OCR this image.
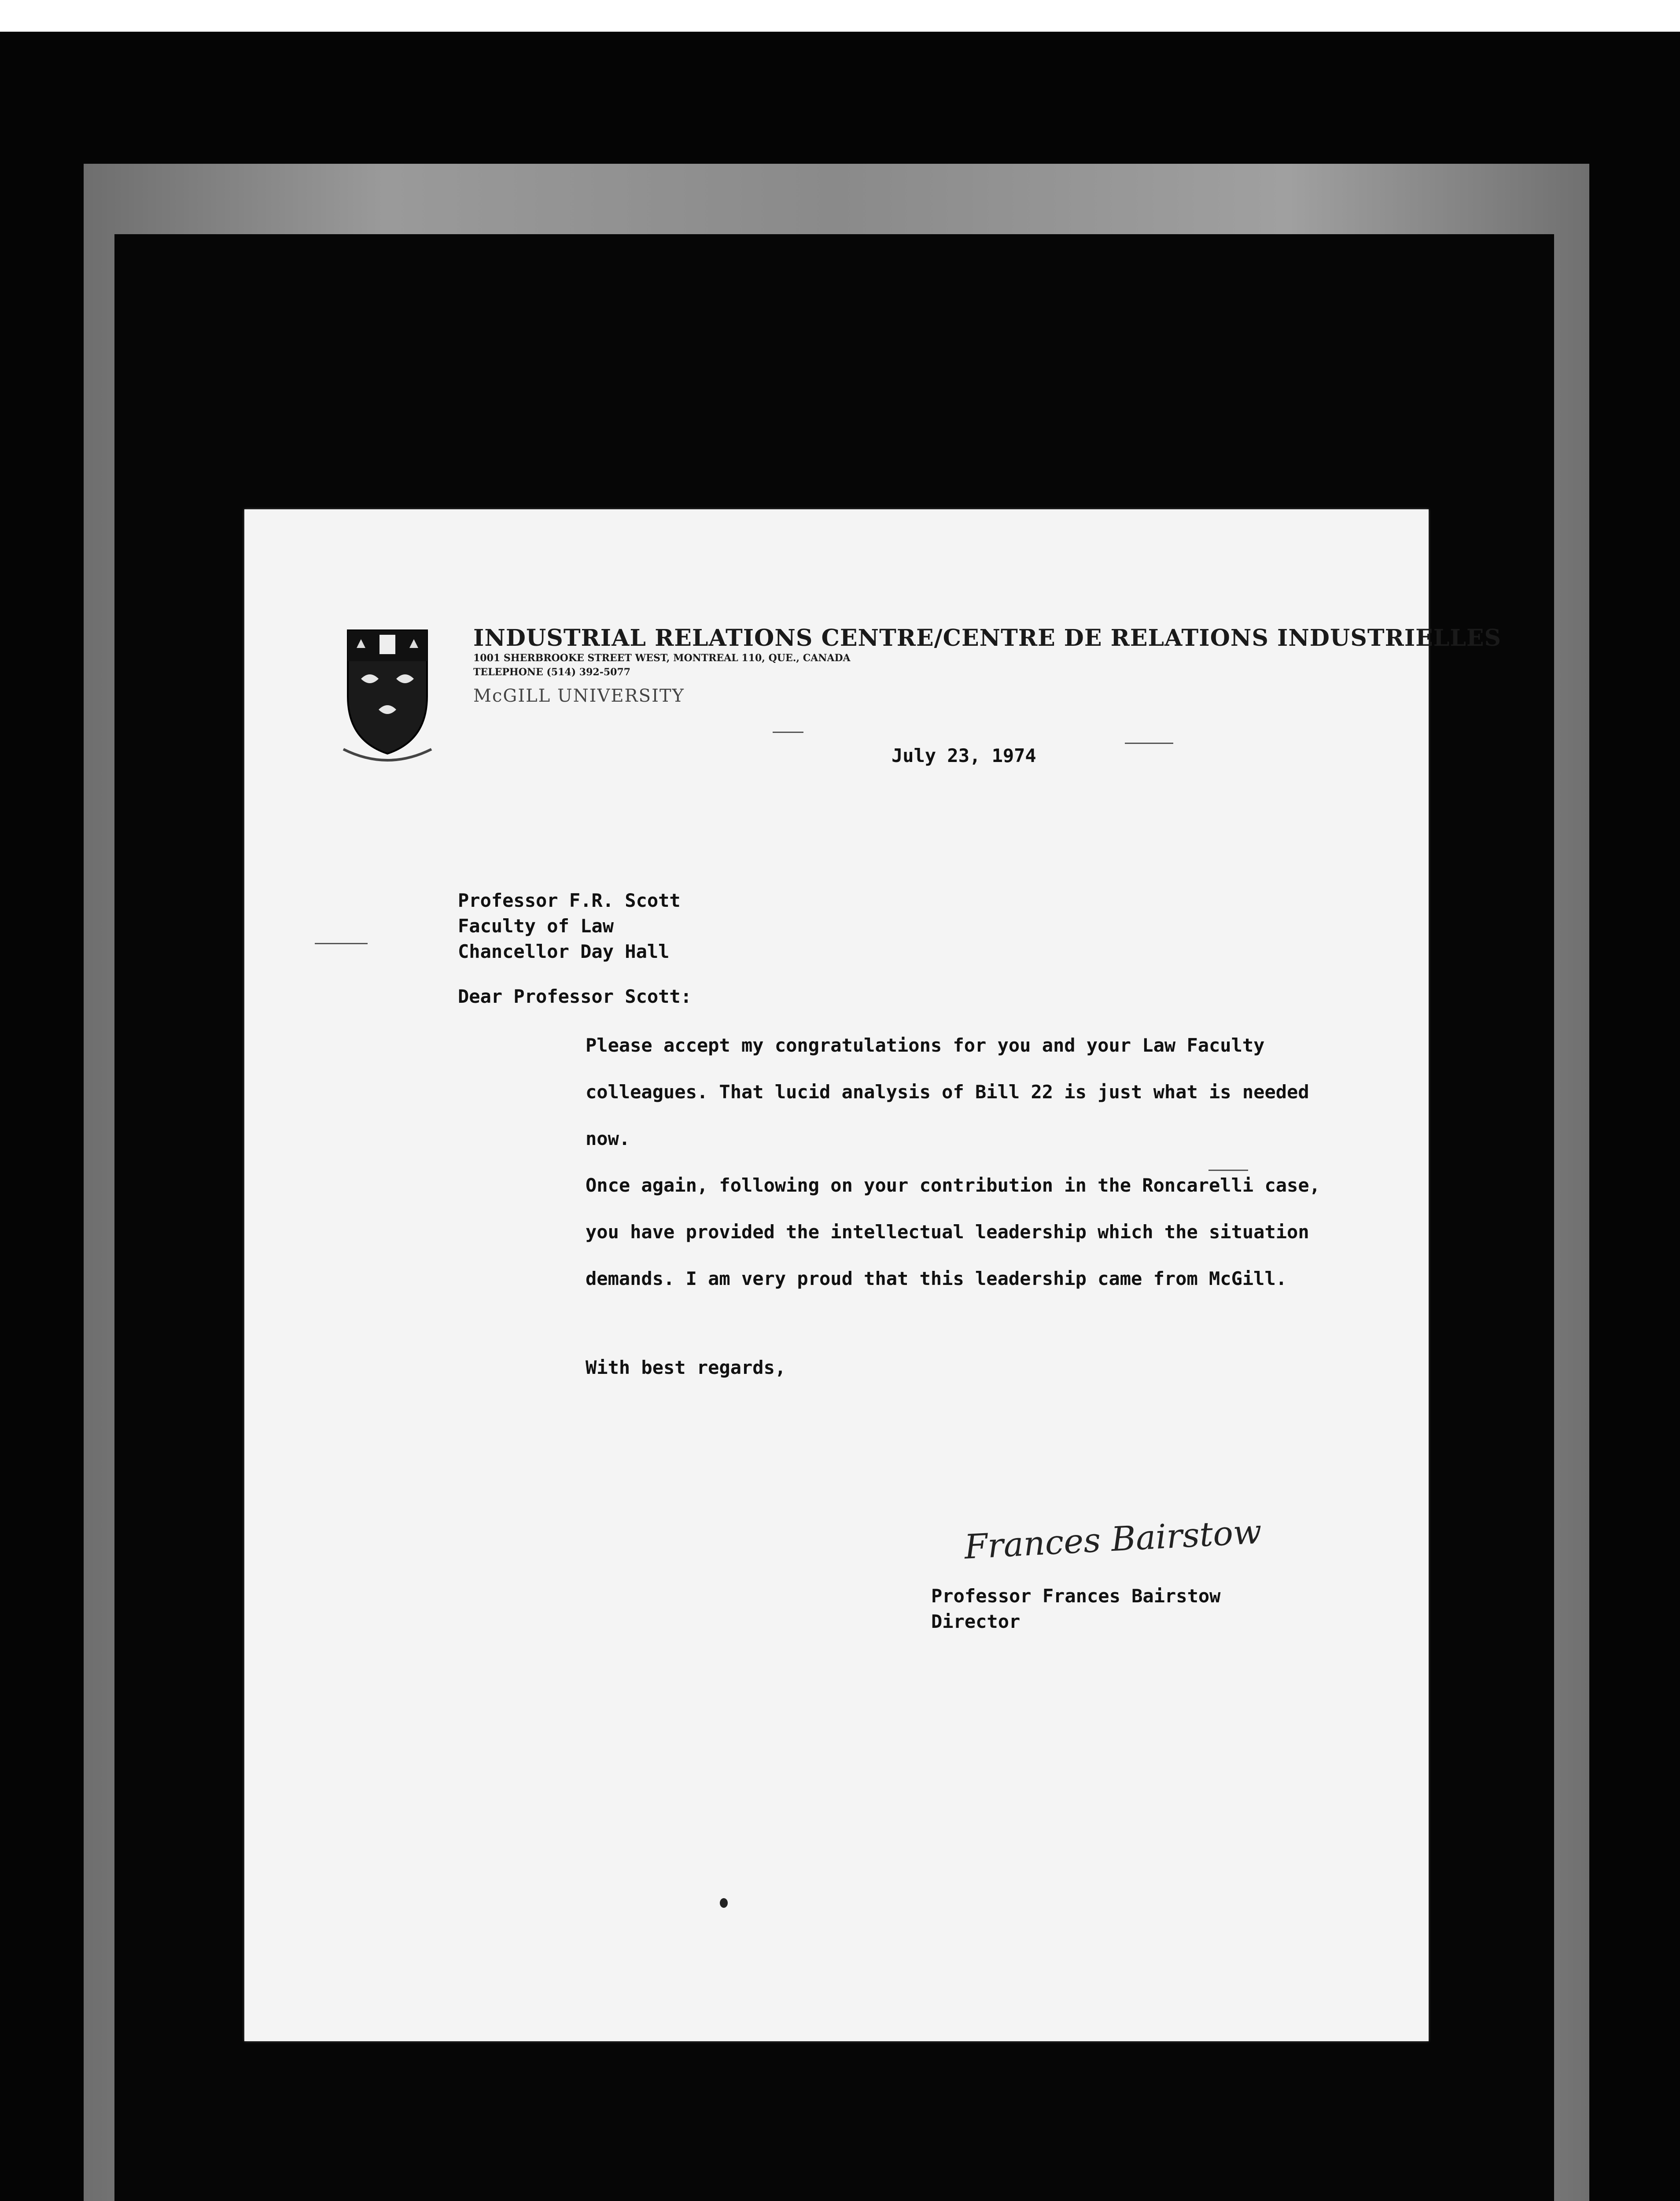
INDUSTRIAL RELATIONS CENTRE/CENTRE DE RELATIONS INDUSTRIELLES
1001 SHERBROOKE STREET WEST, MONTREAL 110, QUE., CANADA
TELEPHONE (514) 392-5077
McGILL UNIVERSITY
July 23, 1974
Professor F.R. Scott
Faculty of Law
Chancellor Day Hall
Dear Professor Scott:

Please accept my congratulations for you and your Law Faculty colleagues. That lucid analysis of Bill 22 is just what is needed now.

Once again, following on your contribution in the Roncarelli case, you have provided the intellectual leadership which the situation demands. I am very proud that this leadership came from McGill.

With best regards,
Frances Bairstow
Professor Frances Bairstow
Director
